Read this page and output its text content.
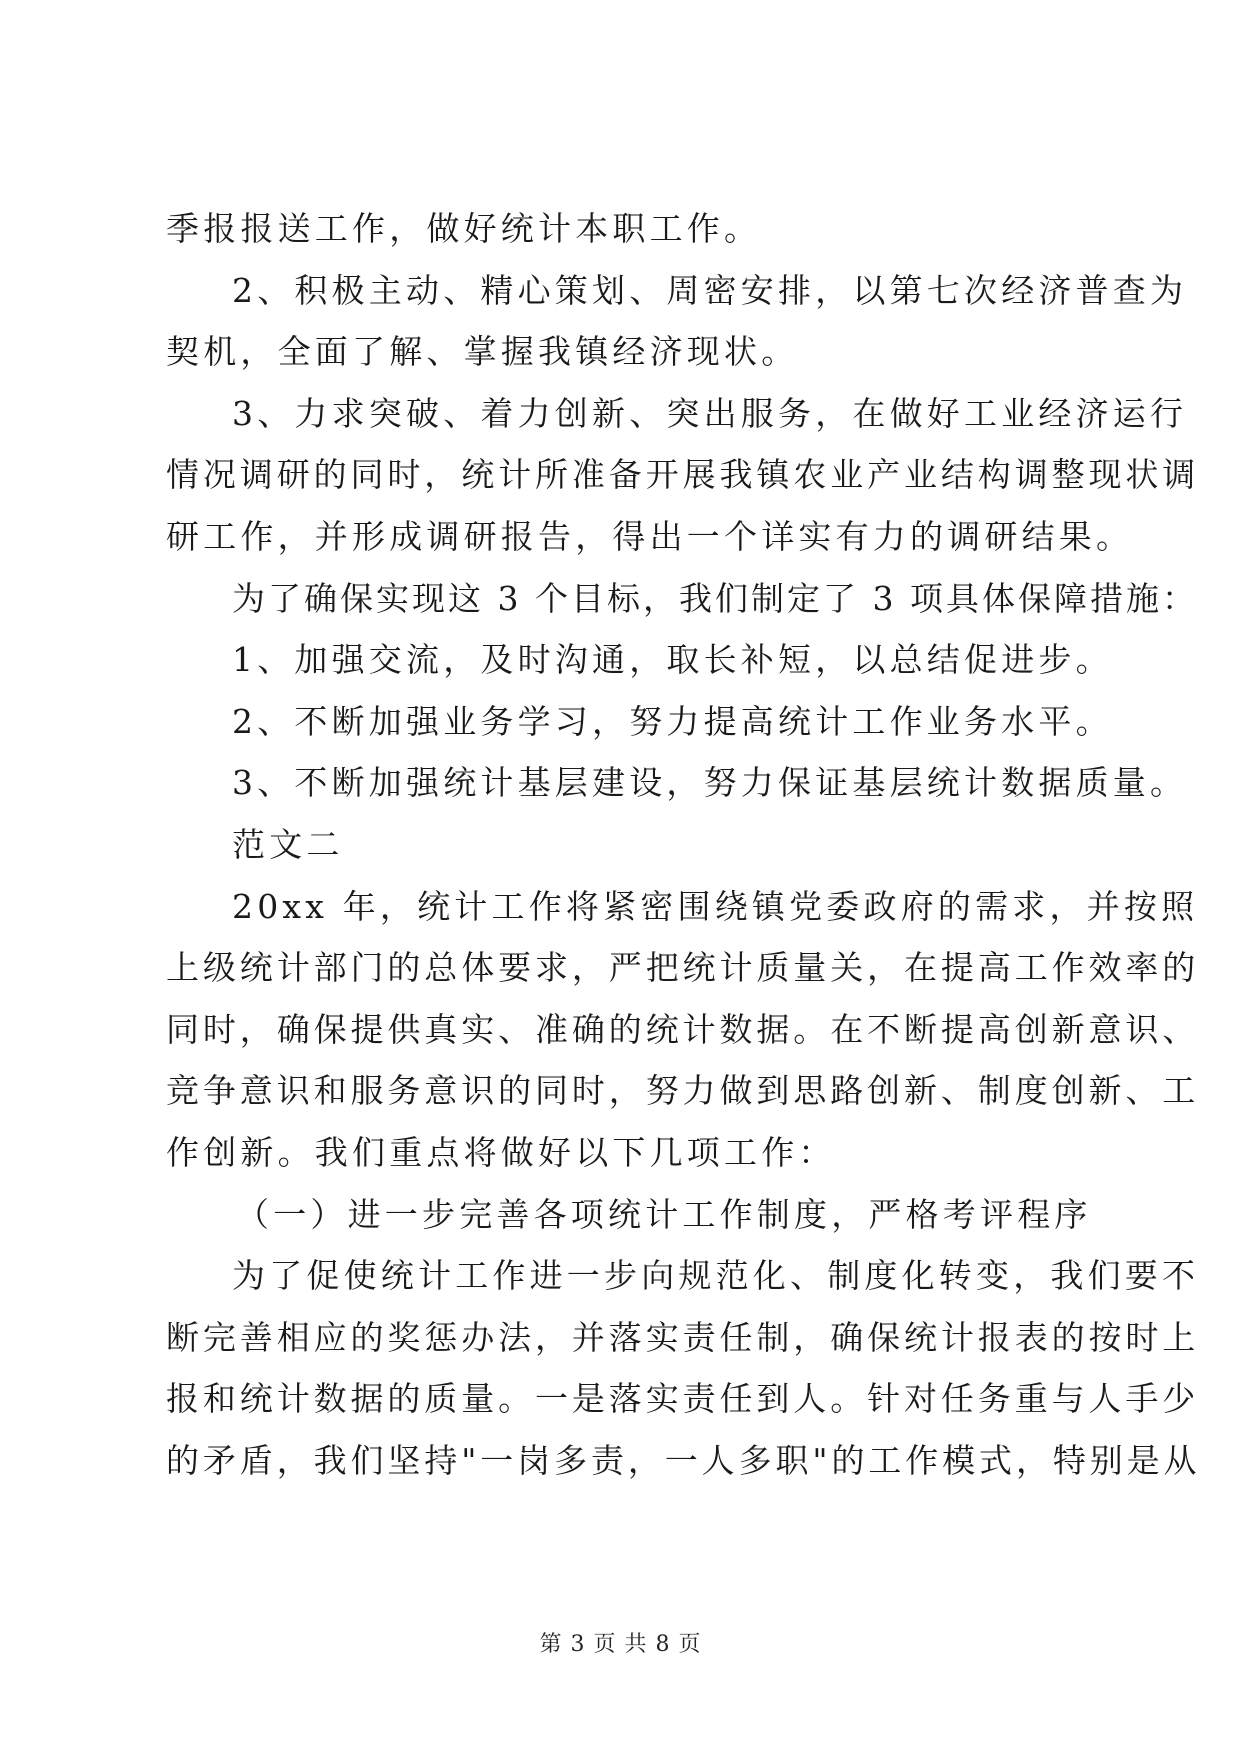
季报报送工作，做好统计本职工作。
2、积极主动、精心策划、周密安排，以第七次经济普查为
契机，全面了解、掌握我镇经济现状。
3、力求突破、着力创新、突出服务，在做好工业经济运行
情况调研的同时，统计所准备开展我镇农业产业结构调整现状调
研工作，并形成调研报告，得出一个详实有力的调研结果。
为了确保实现这 3 个目标，我们制定了 3 项具体保障措施：
1、加强交流，及时沟通，取长补短，以总结促进步。
2、不断加强业务学习，努力提高统计工作业务水平。
3、不断加强统计基层建设，努力保证基层统计数据质量。
范文二
20xx 年，统计工作将紧密围绕镇党委政府的需求，并按照
上级统计部门的总体要求，严把统计质量关，在提高工作效率的
同时，确保提供真实、准确的统计数据。在不断提高创新意识、
竞争意识和服务意识的同时，努力做到思路创新、制度创新、工
作创新。我们重点将做好以下几项工作：
（一）进一步完善各项统计工作制度，严格考评程序
为了促使统计工作进一步向规范化、制度化转变，我们要不
断完善相应的奖惩办法，并落实责任制，确保统计报表的按时上
报和统计数据的质量。一是落实责任到人。针对任务重与人手少
的矛盾，我们坚持"一岗多责，一人多职"的工作模式，特别是从
第 3 页 共 8 页
